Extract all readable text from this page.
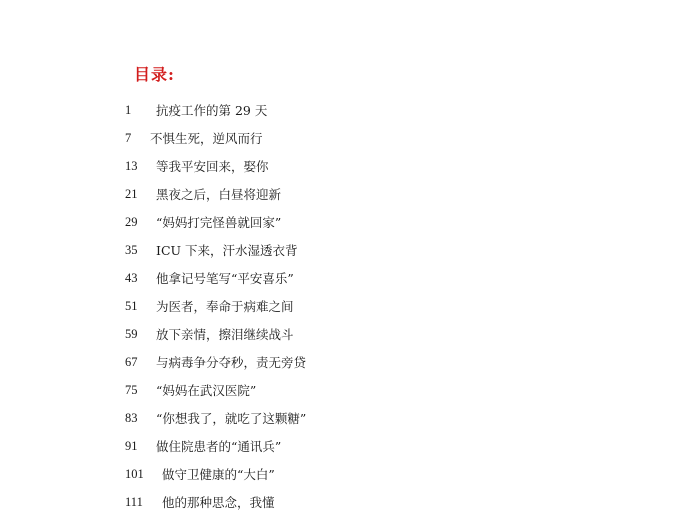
目录:
1	抗疫工作的第 29 天
7	不惧生死，逆风而行
13	等我平安回来，娶你
21	黑夜之后，白昼将迎新
29	“妈妈打完怪兽就回家”
35	ICU 下来，汗水湿透衣背
43	他拿记号笔写“平安喜乐”
51	为医者，奉命于病难之间
59	放下亲情，擦泪继续战斗
67	与病毒争分夺秒，责无旁贷
75	“妈妈在武汉医院”
83	“你想我了，就吃了这颗糖”
91	做住院患者的“通讯兵”
101	做守卫健康的“大白”
111	他的那种思念，我懂
